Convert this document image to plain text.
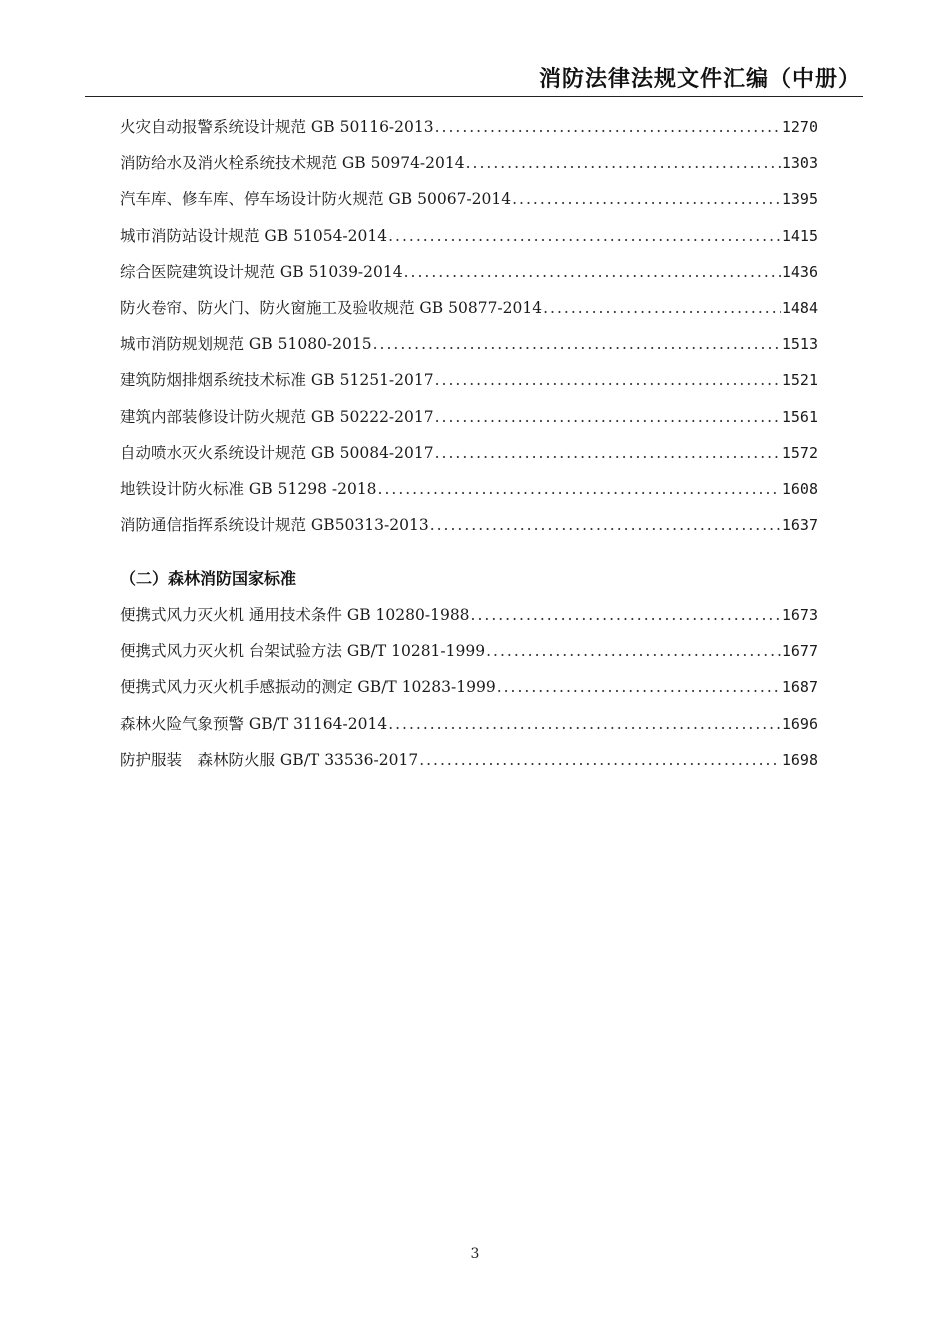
消防法律法规文件汇编（中册）
火灾自动报警系统设计规范 GB 50116-2013 .....	1270
消防给水及消火栓系统技术规范 GB 50974-2014 .....	1303
汽车库、修车库、停车场设计防火规范 GB 50067-2014 .....	1395
城市消防站设计规范 GB 51054-2014 .....	1415
综合医院建筑设计规范 GB 51039-2014 .....	1436
防火卷帘、防火门、防火窗施工及验收规范 GB 50877-2014 .....	1484
城市消防规划规范 GB 51080-2015 .....	1513
建筑防烟排烟系统技术标准 GB 51251-2017 .....	1521
建筑内部装修设计防火规范 GB 50222-2017 .....	1561
自动喷水灭火系统设计规范 GB 50084-2017 .....	1572
地铁设计防火标准 GB 51298 -2018 .....	1608
消防通信指挥系统设计规范 GB50313-2013 .....	1637
（二）森林消防国家标准
便携式风力灭火机 通用技术条件 GB 10280-1988 .....	1673
便携式风力灭火机 台架试验方法 GB/T 10281-1999 .....	1677
便携式风力灭火机手感振动的测定 GB/T 10283-1999 .....	1687
森林火险气象预警 GB/T 31164-2014 .....	1696
防护服装　森林防火服 GB/T 33536-2017 .....	1698
3
